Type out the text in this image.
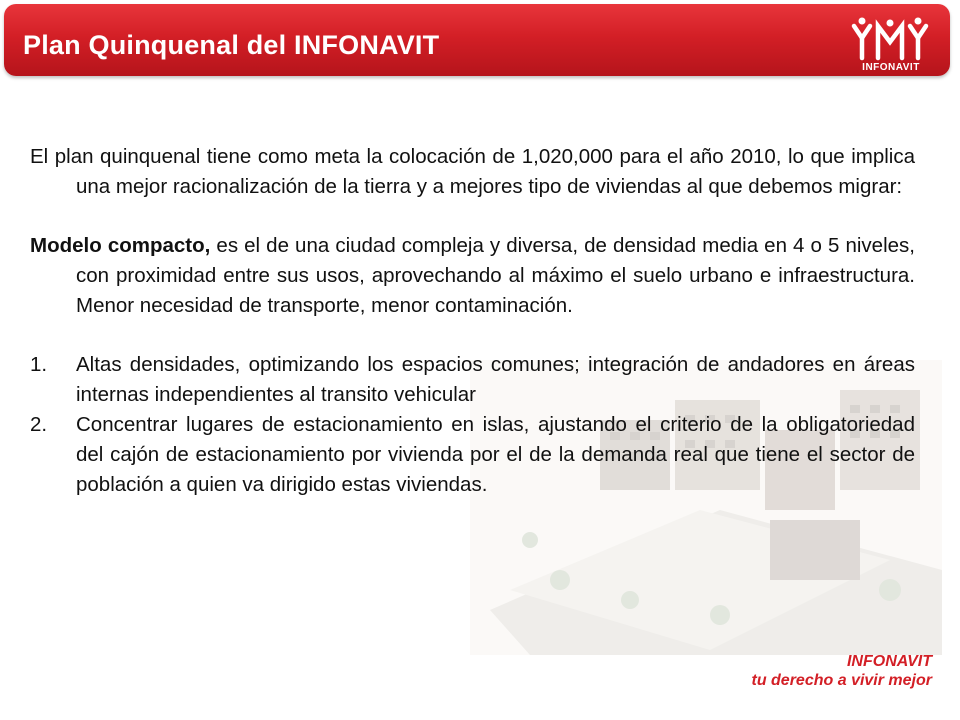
Plan Quinquenal del INFONAVIT
INFONAVIT

El plan quinquenal tiene como meta la colocación de 1,020,000 para el año 2010, lo que implica una mejor racionalización de la tierra y a mejores tipo de viviendas al que debemos migrar:

Modelo compacto, es el de una ciudad compleja y diversa, de densidad media en 4 o 5 niveles, con proximidad entre sus usos, aprovechando al máximo el suelo urbano e infraestructura. Menor necesidad de transporte, menor contaminación.

1. Altas densidades, optimizando los espacios comunes; integración de andadores en áreas internas independientes al transito vehicular
2. Concentrar lugares de estacionamiento en islas, ajustando el criterio de la obligatoriedad del cajón de estacionamiento por vivienda por el de la demanda real que tiene el sector de población a quien va dirigido estas viviendas.
INFONAVIT
tu derecho a vivir mejor
